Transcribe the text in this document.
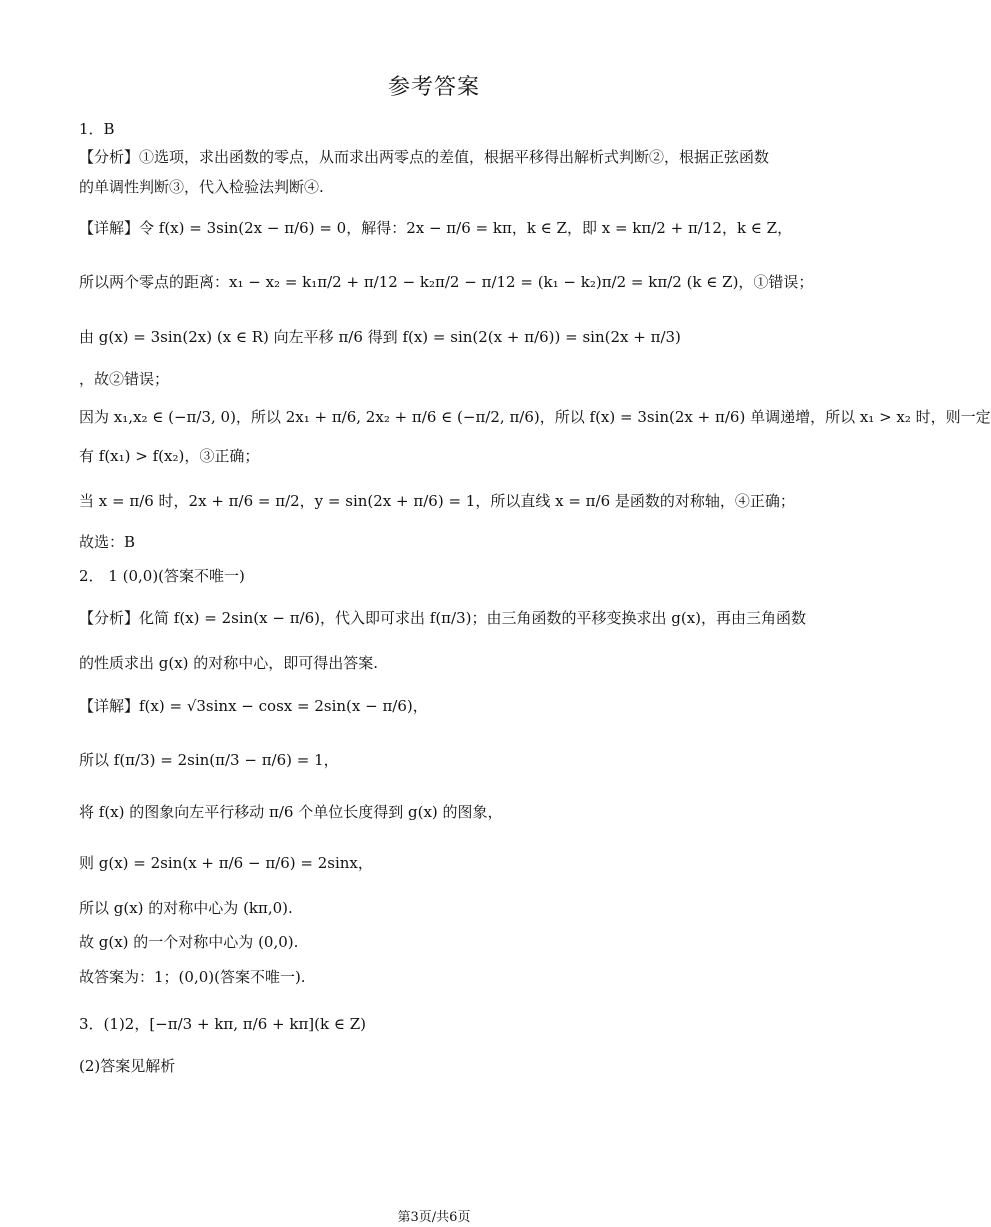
参考答案
1．B
【分析】①选项，求出函数的零点，从而求出两零点的差值，根据平移得出解析式判断②，根据正弦函数
的单调性判断③，代入检验法判断④.
【详解】令 f(x) = 3sin(2x − π/6) = 0，解得：2x − π/6 = kπ，k ∈ Z，即 x = kπ/2 + π/12，k ∈ Z，
所以两个零点的距离：x₁ − x₂ = k₁π/2 + π/12 − k₂π/2 − π/12 = (k₁ − k₂)π/2 = kπ/2 (k ∈ Z)，①错误；
由 g(x) = 3sin(2x) (x ∈ R) 向左平移 π/6 得到 f(x) = sin(2(x + π/6)) = sin(2x + π/3)
，故②错误；
因为 x₁,x₂ ∈ (−π/3, 0)，所以 2x₁ + π/6, 2x₂ + π/6 ∈ (−π/2, π/6)，所以 f(x) = 3sin(2x + π/6) 单调递增，所以 x₁ > x₂ 时，则一定
有 f(x₁) > f(x₂)，③正确；
当 x = π/6 时，2x + π/6 = π/2，y = sin(2x + π/6) = 1，所以直线 x = π/6 是函数的对称轴，④正确；
故选：B
2． 1 (0,0)(答案不唯一)
【分析】化简 f(x) = 2sin(x − π/6)，代入即可求出 f(π/3)；由三角函数的平移变换求出 g(x)，再由三角函数
的性质求出 g(x) 的对称中心，即可得出答案.
【详解】f(x) = √3sinx − cosx = 2sin(x − π/6)，
所以 f(π/3) = 2sin(π/3 − π/6) = 1，
将 f(x) 的图象向左平行移动 π/6 个单位长度得到 g(x) 的图象，
则 g(x) = 2sin(x + π/6 − π/6) = 2sinx，
所以 g(x) 的对称中心为 (kπ,0).
故 g(x) 的一个对称中心为 (0,0).
故答案为：1；(0,0)(答案不唯一).
3．(1)2，[−π/3 + kπ, π/6 + kπ](k ∈ Z)
(2)答案见解析
第3页/共6页
